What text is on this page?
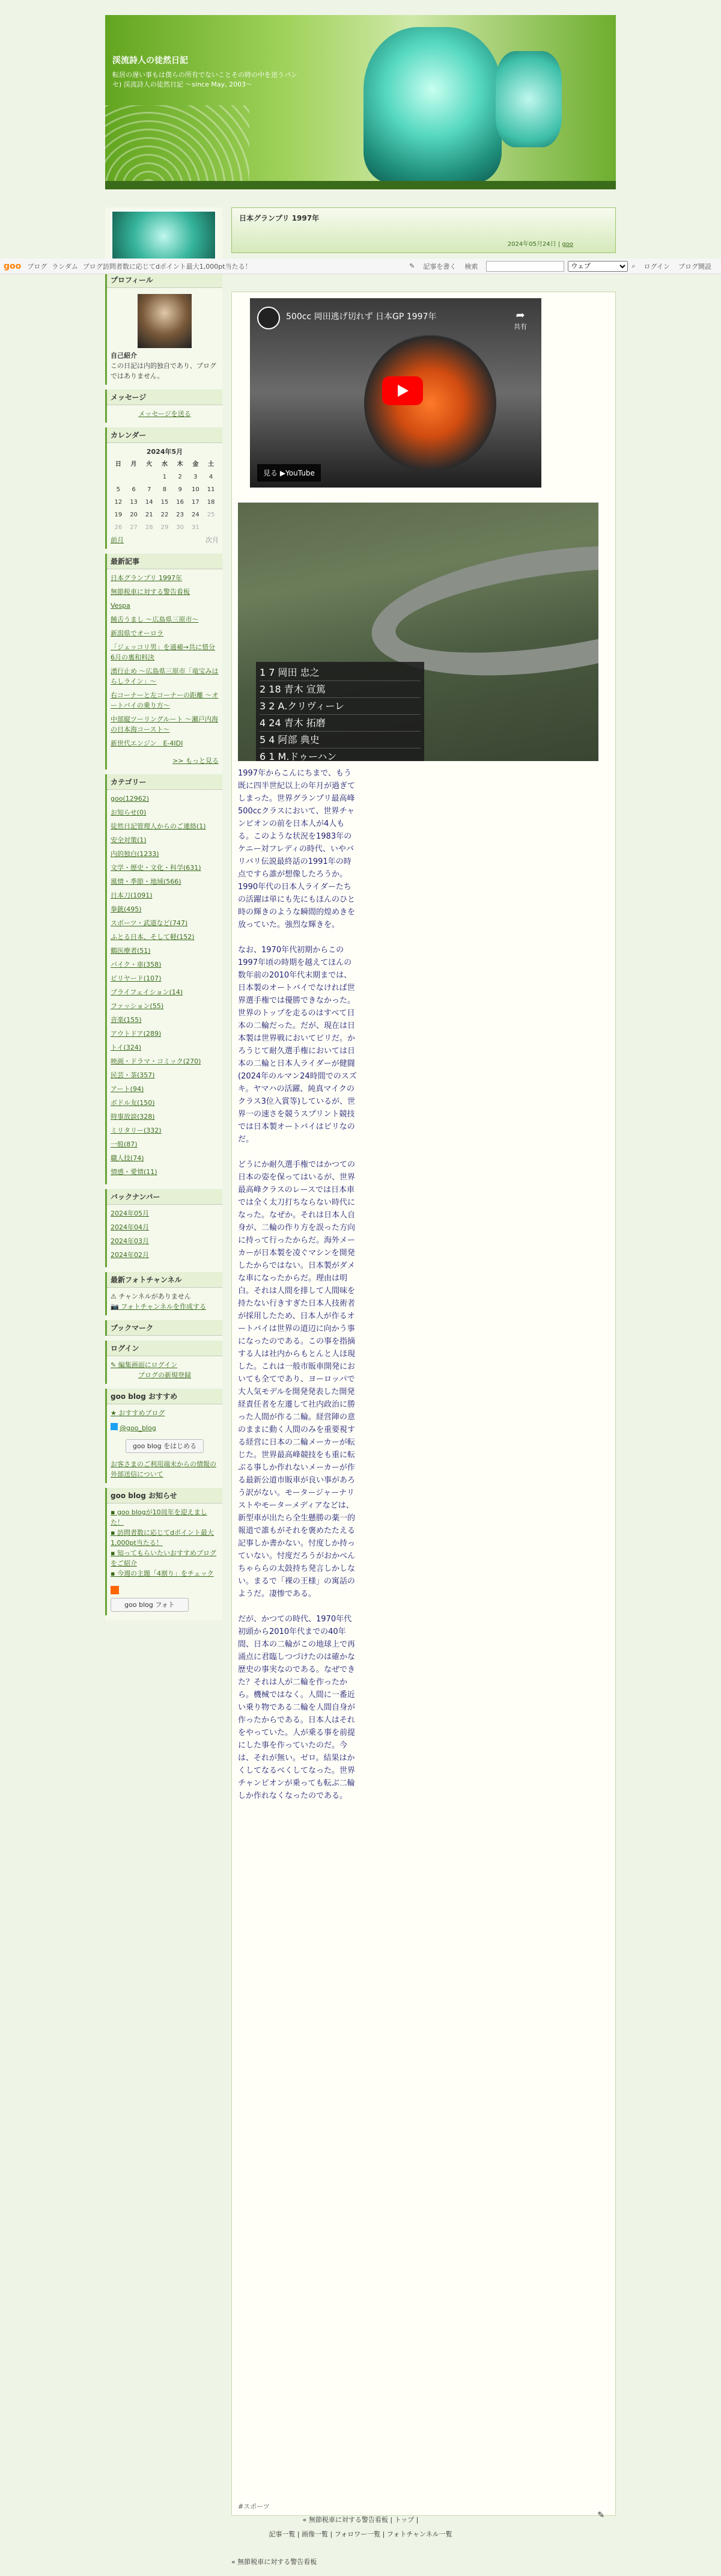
渓流詩人の徒然日記
転居の遅い事もは僕らの所有でないことその時の中を送うパンセ) 渓流詩人の徒然日記 〜since May, 2003〜
プロフィール
自己紹介
この日記は内的独自であり、ブログではありません。
メッセージ
メッセージを送る
カレンダー
2024年5月
日	月	火	水	木	金	土
			1	2	3	4
5	6	7	8	9	10	11
12	13	14	15	16	17	18
19	20	21	22	23	24	25
26	27	28	29	30	31	
前月	次月
最新記事
日本グランプリ 1997年
無節税車に対する警告看板
Vespa
饒舌うまし ～広島県三原市～
新潟県でオーロラ
「ジェッコリ男」を通補→共に惜分6月の裏和料決
湧行止め ～広島県三原市「竜宝みはらしライン」～
右コーナーと左コーナーの距離 ～オートバイの乗り方～
中部縦ツーリングルート ～瀬戸内海の日本海コースト～
新世代エンジン　E-4IDI
>> もっと見る
カテゴリー
goo(12962)
お知らせ(0)
徒然日記管理人からのご連絡(1)
安全対策(1)
内的独白(1233)
文学・歴史・文化・科学(631)
風情・季節・地域(566)
日本刀(1091)
拳銃(495)
スポーツ・武道など(747)
ふとる日本、そして軽(152)
鶴医療者(51)
バイク・車(358)
ビリヤード(107)
ブライフェイション(14)
ファッション(55)
音楽(155)
アウトドア(289)
トイ(324)
映画・ドラマ・コミック(270)
民芸・茶(357)
アート(94)
ボドル友(150)
時事放談(328)
ミリタリー(332)
一般(87)
職人技(74)
情感・愛情(11)
バックナンバー
2024年05月
2024年04月
2024年03月
2024年02月
最新フォトチャンネル
⚠ チャンネルがありません
📷 フォトチャンネルを作成する
ブックマーク
ログイン
✎ 編集画面にログイン
ブログの新規登録
goo blog おすすめ
★ おすすめブログ
@goo_blog
goo blog をはじめる
お客さまのご利用端末からの情報の外部送信について
goo blog お知らせ
▪ goo blogが10周年を迎えました！
▪ 訪問者数に応じてdポイント最大1,000pt当たる！
▪ 知ってもらいたいおすすめブログをご紹介
▪ 今週の主題「4割り」をチェック
goo blog フォト
日本グランプリ 1997年
2024年05月24日 | goo
500cc 岡田逃げ切れず 日本GP 1997年	➦
共有
見る ▶YouTube
1 7 岡田 忠之
2 18 青木 宣篤
3 2 A.クリヴィーレ
4 24 青木 拓磨
5 4 阿部 典史
6 1 M.ドゥーハン

1997年からこんにちまで、もう既に四半世紀以上の年月が過ぎてしまった。世界グランプリ最高峰500ccクラスにおいて、世界チャンピオンの前を日本人が4人もる。このような状況を1983年のケニー対フレディの時代、いやバリバリ伝説最終話の1991年の時点ですら誰が想像したろうか。1990年代の日本人ライダーたちの活躍は単にも先にもほんのひと時の輝きのような瞬間的煌めきを放っていた。強烈な輝きを。

なお、1970年代初期からこの1997年頃の時期を越えてほんの数年前の2010年代末期までは、日本製のオートバイでなければ世界選手権では優勝できなかった。世界のトップを走るのはすべて日本の二輪だった。だが、現在は日本製は世界戦においてビリだ。かろうじて耐久選手権においては日本の二輪と日本人ライダーが健闘(2024年のルマン24時間でのスズキ。ヤマハの活躍、純真マイクのクラス3位入賞等)しているが、世界一の速さを競うスプリント競技では日本製オートバイはビリなのだ。

どうにか耐久選手権ではかつての日本の姿を保ってはいるが、世界最高峰クラスのレースでは日本車では全く太刀打ちならない時代になった。なぜか。それは日本人自身が、二輪の作り方を誤った方向に持って行ったからだ。海外メーカーが日本製を凌ぐマシンを開発したからではない。日本製がダメな車になったからだ。理由は明白。それは人間を排して人間味を持たない行きすぎた日本人技術者が採用したため、日本人が作るオートバイは世界の道辺に向かう事になったのである。この事を指摘する人は社内からもとんと人ほ現した。これは一般市販車開発においても全てであり、ヨーロッパで大人気モデルを開発発表した開発経責任者を左遷して社内政治に勝った人間が作る二輪。経営陣の意のままに動く人間のみを重要視する経営に日本の二輪メーカーが転じた。世界最高峰競技をも重に転ぶる事しか作れないメーカーが作る最新公道市販車が良い事があろう訳がない。モータージャーナリストやモーターメディアなどは、新型車が出たら全生懸勝の薬一的報道で誰もがそれを褒めたたえる記事しか書かない。忖度しか持っていない。忖度だろうがおかべんちゃららの太鼓持ち発言しかしない。まるで「裸の王様」の寓話のようだ。凄惨である。

だが、かつての時代、1970年代初頭から2010年代までの40年間、日本の二輪がこの地球上で再涌点に君臨しつづけたのは確かな歴史の事実なのである。なぜできた？それは人が二輪を作ったから。機械ではなく。人間に一番近い乗り物である二輪を人間自身が作ったからである。日本人はそれをやっていた。人が乗る事を前提にした事を作っていたのだ。今は、それが無い。ゼロ。結果はかくしてなるべくしてなった。世界チャンピオンが乗っても転ぶ二輪しか作れなくなったのである。

#スポーツ
✎
goo ブログ ランダム ブログ訪問者数に応じてdポイント最大1,000pt当たる！	✎ 記事を書く 検索
ウェブ	⌕ ログイン ブログ開設
« 無節税車に対する警告看板 | トップ |
記事一覧 | 画像一覧 | フォロワー一覧 | フォトチャンネル一覧
« 無節税車に対する警告看板
